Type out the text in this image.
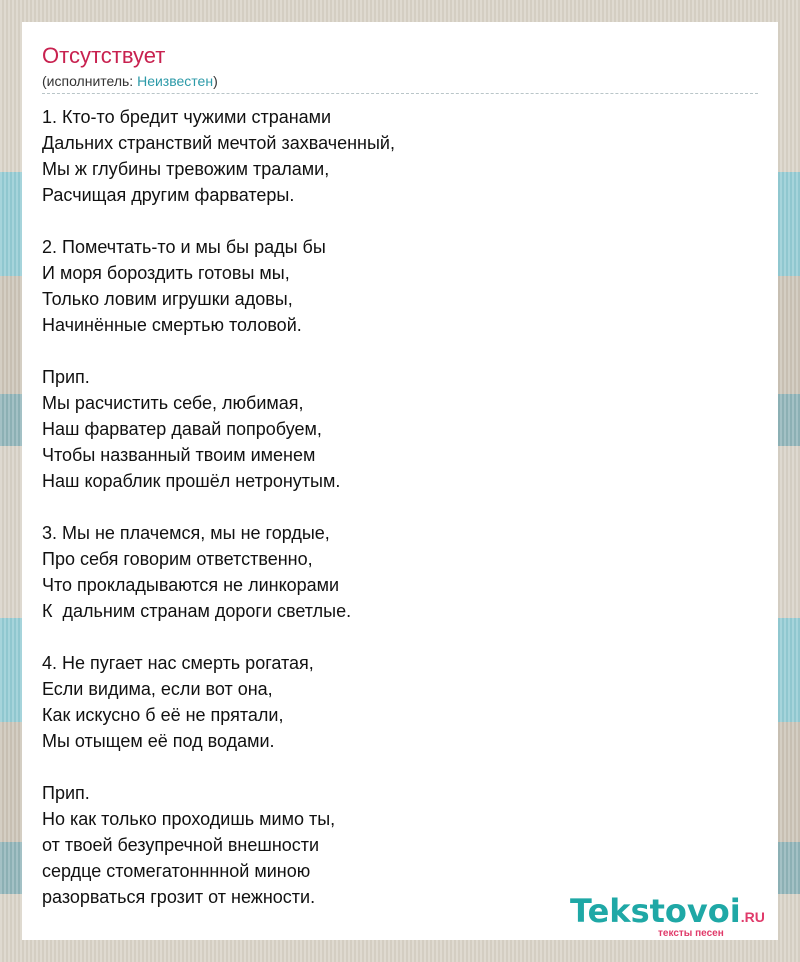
Отсутствует
(исполнитель: Неизвестен)
1. Кто-то бредит чужими странами
Дальних странствий мечтой захваченный,
Мы ж глубины тревожим тралами,
Расчищая другим фарватеры.
2. Помечтать-то и мы бы рады бы
И моря бороздить готовы мы,
Только ловим игрушки адовы,
Начинённые смертью толовой.
Прип.
Мы расчистить себе, любимая,
Наш фарватер давай попробуем,
Чтобы названный твоим именем
Наш кораблик прошёл нетронутым.
3. Мы не плачемся, мы не гордые,
Про себя говорим ответственно,
Что прокладываются не линкорами
К  дальним странам дороги светлые.
4. Не пугает нас смерть рогатая,
Если видима, если вот она,
Как искусно б её не прятали,
Мы отыщем её под водами.
Прип.
Но как только проходишь мимо ты,
от твоей безупречной внешности
сердце стомегатонннной миною
разорваться грозит от нежности.	Tekstovoi.RU
тексты песен
